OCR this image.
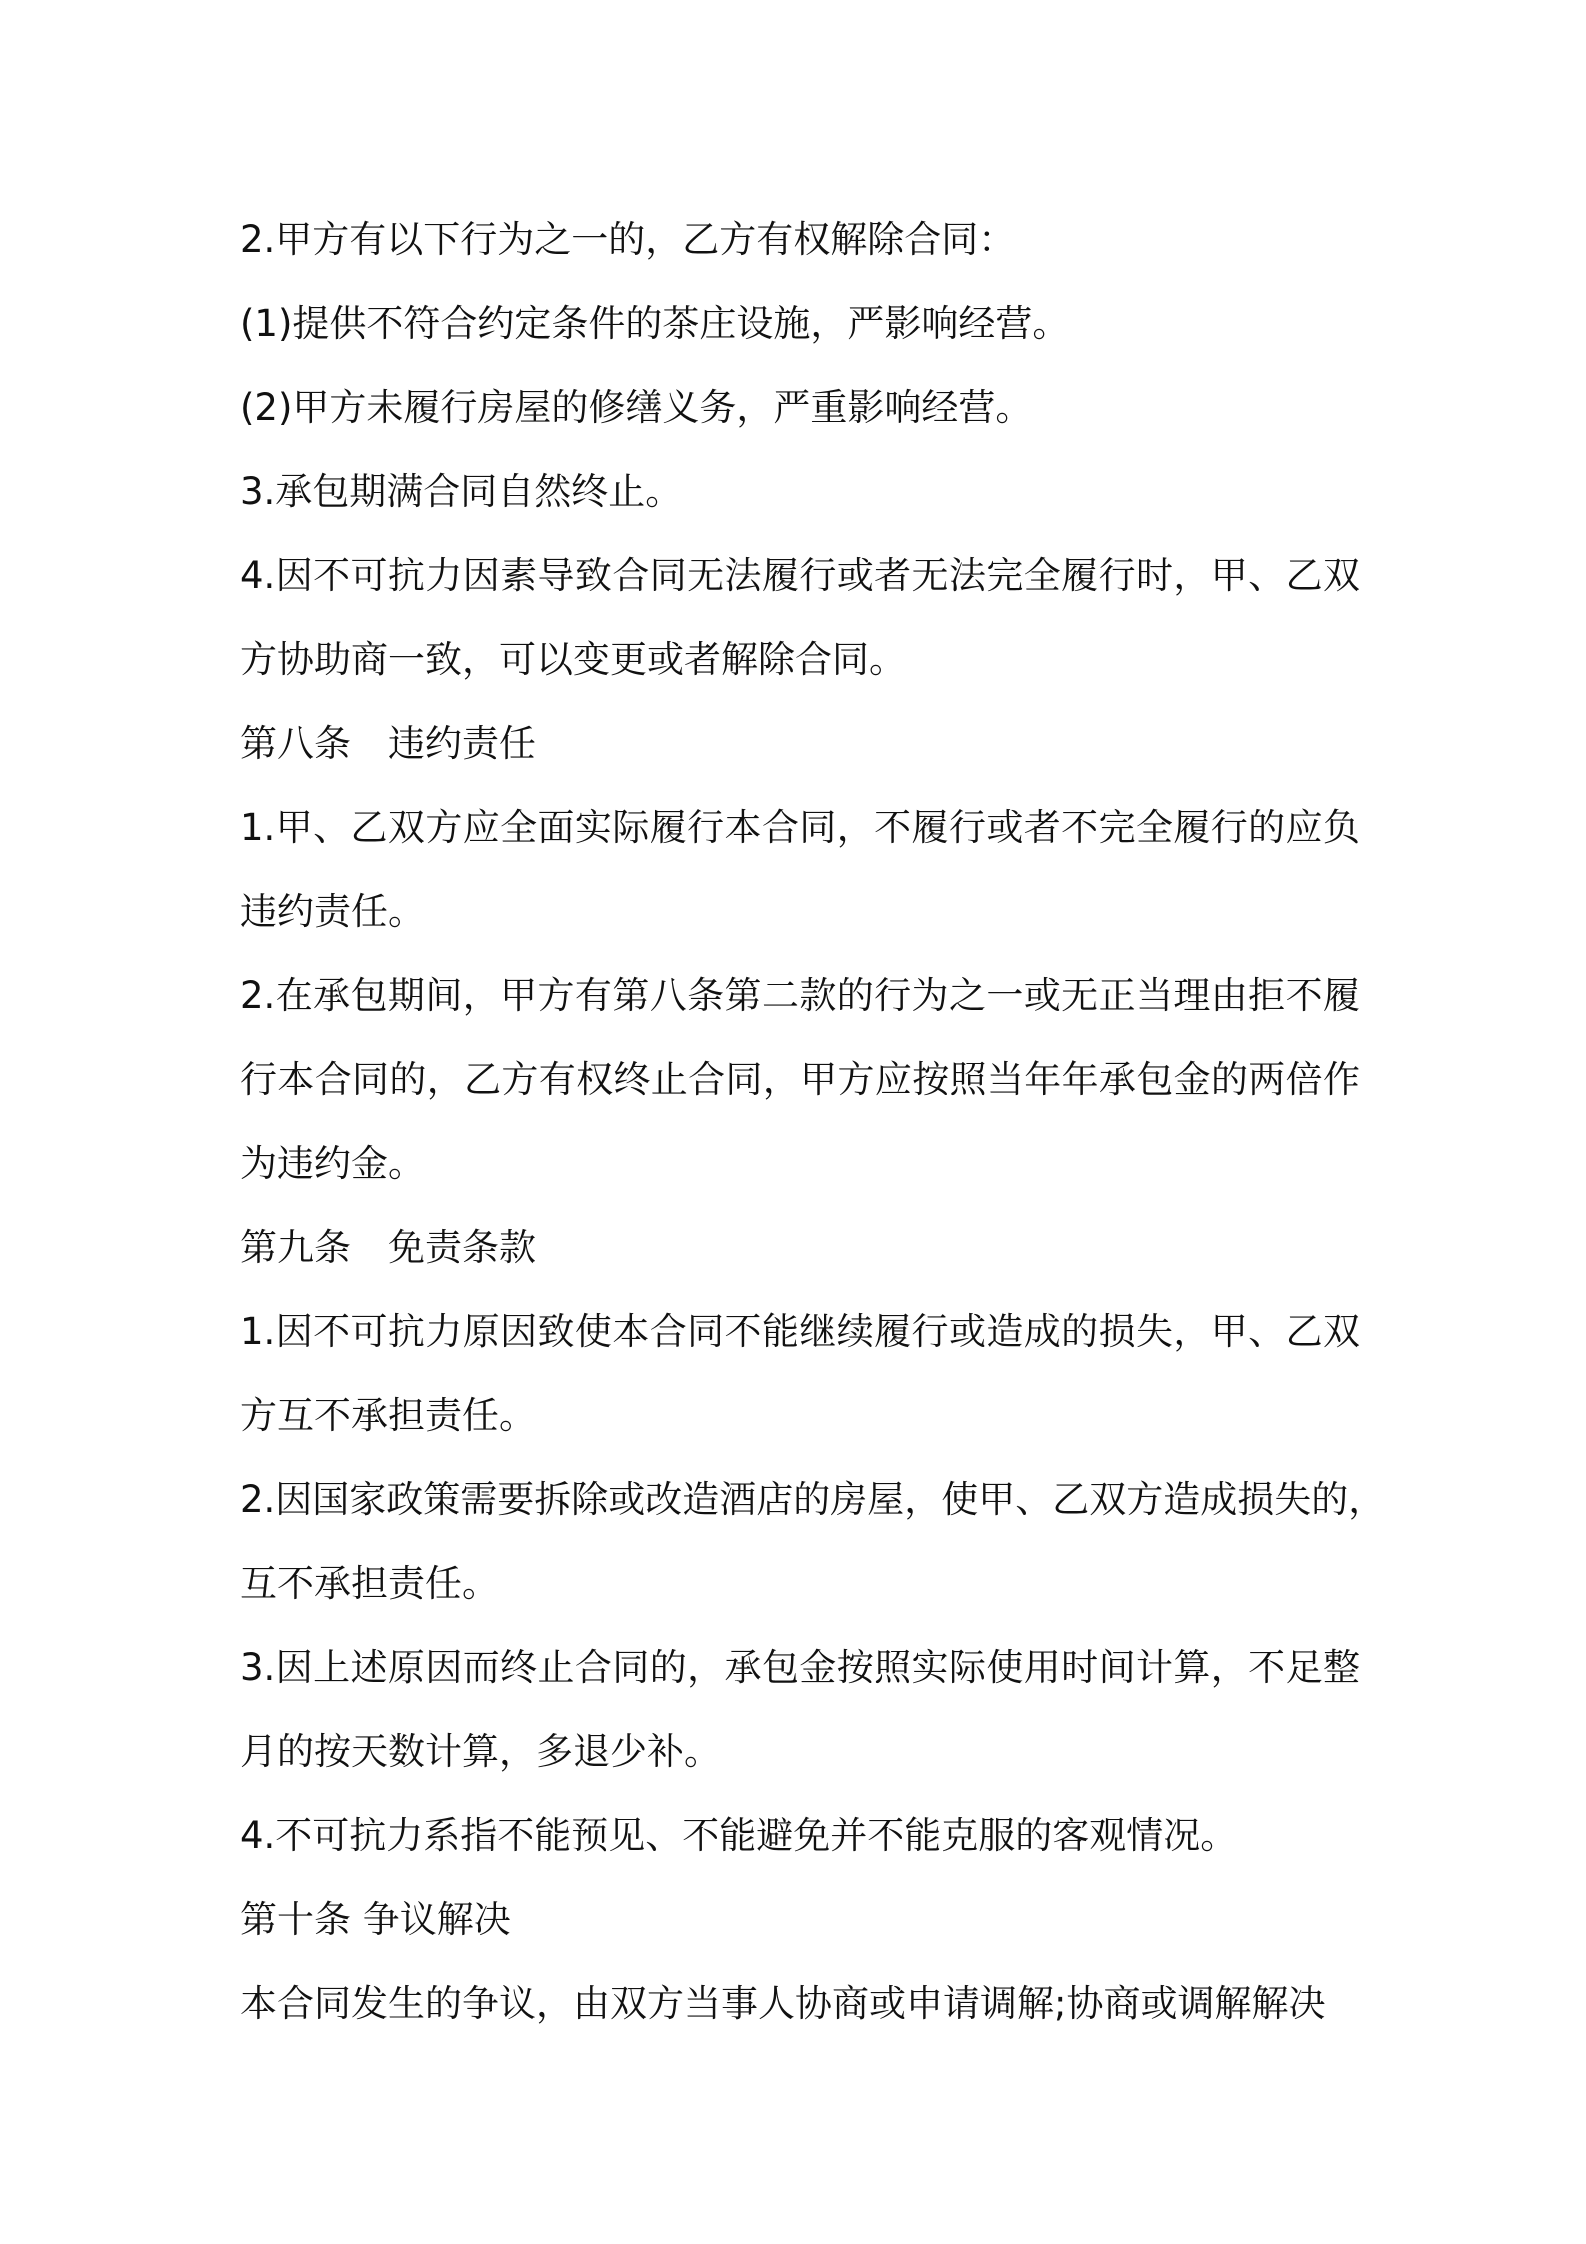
2.甲方有以下行为之一的，乙方有权解除合同：
(1)提供不符合约定条件的茶庄设施，严影响经营。
(2)甲方未履行房屋的修缮义务，严重影响经营。
3.承包期满合同自然终止。
4.因不可抗力因素导致合同无法履行或者无法完全履行时，甲、乙双
方协助商一致，可以变更或者解除合同。
第八条　违约责任
1.甲、乙双方应全面实际履行本合同，不履行或者不完全履行的应负
违约责任。
2.在承包期间，甲方有第八条第二款的行为之一或无正当理由拒不履
行本合同的，乙方有权终止合同，甲方应按照当年年承包金的两倍作
为违约金。
第九条　免责条款
1.因不可抗力原因致使本合同不能继续履行或造成的损失，甲、乙双
方互不承担责任。
2.因国家政策需要拆除或改造酒店的房屋，使甲、乙双方造成损失的，
互不承担责任。
3.因上述原因而终止合同的，承包金按照实际使用时间计算，不足整
月的按天数计算，多退少补。
4.不可抗力系指不能预见、不能避免并不能克服的客观情况。
第十条 争议解决
本合同发生的争议，由双方当事人协商或申请调解;协商或调解解决
